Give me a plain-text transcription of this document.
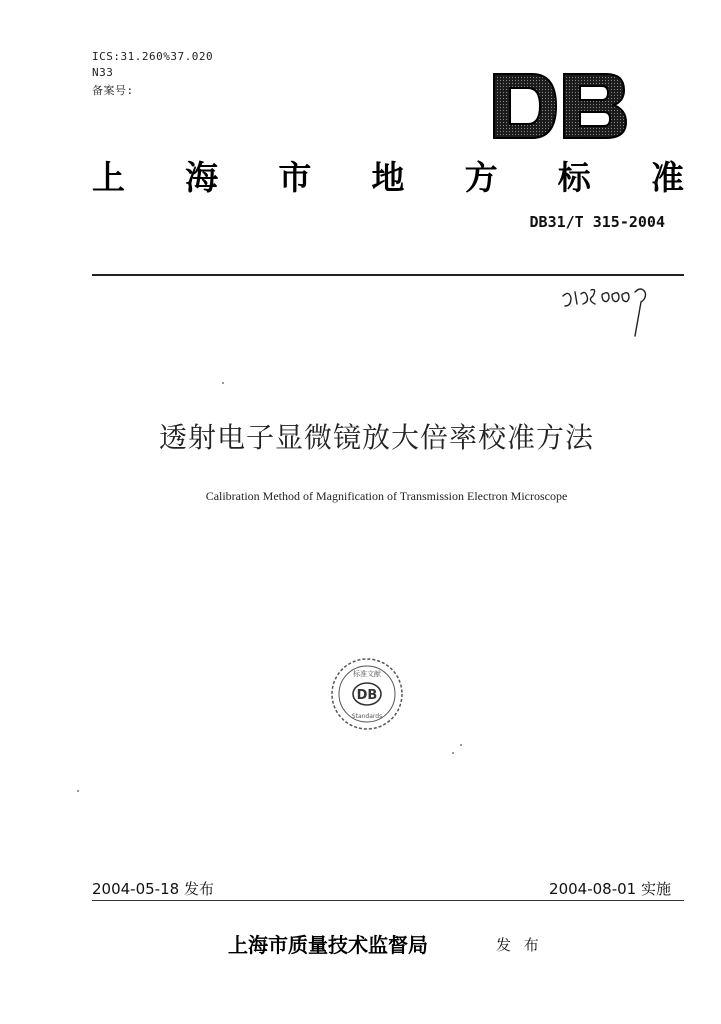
ICS:31.260%37.020
N33
备案号:
上 海 市 地 方 标 准
DB31/T 315-2004
透射电子显微镜放大倍率校准方法
Calibration Method of Magnification of Transmission Electron Microscope
DB
标准文献
Standards
2004-05-18 发布	2004-08-01 实施
上海市质量技术监督局	发 布
